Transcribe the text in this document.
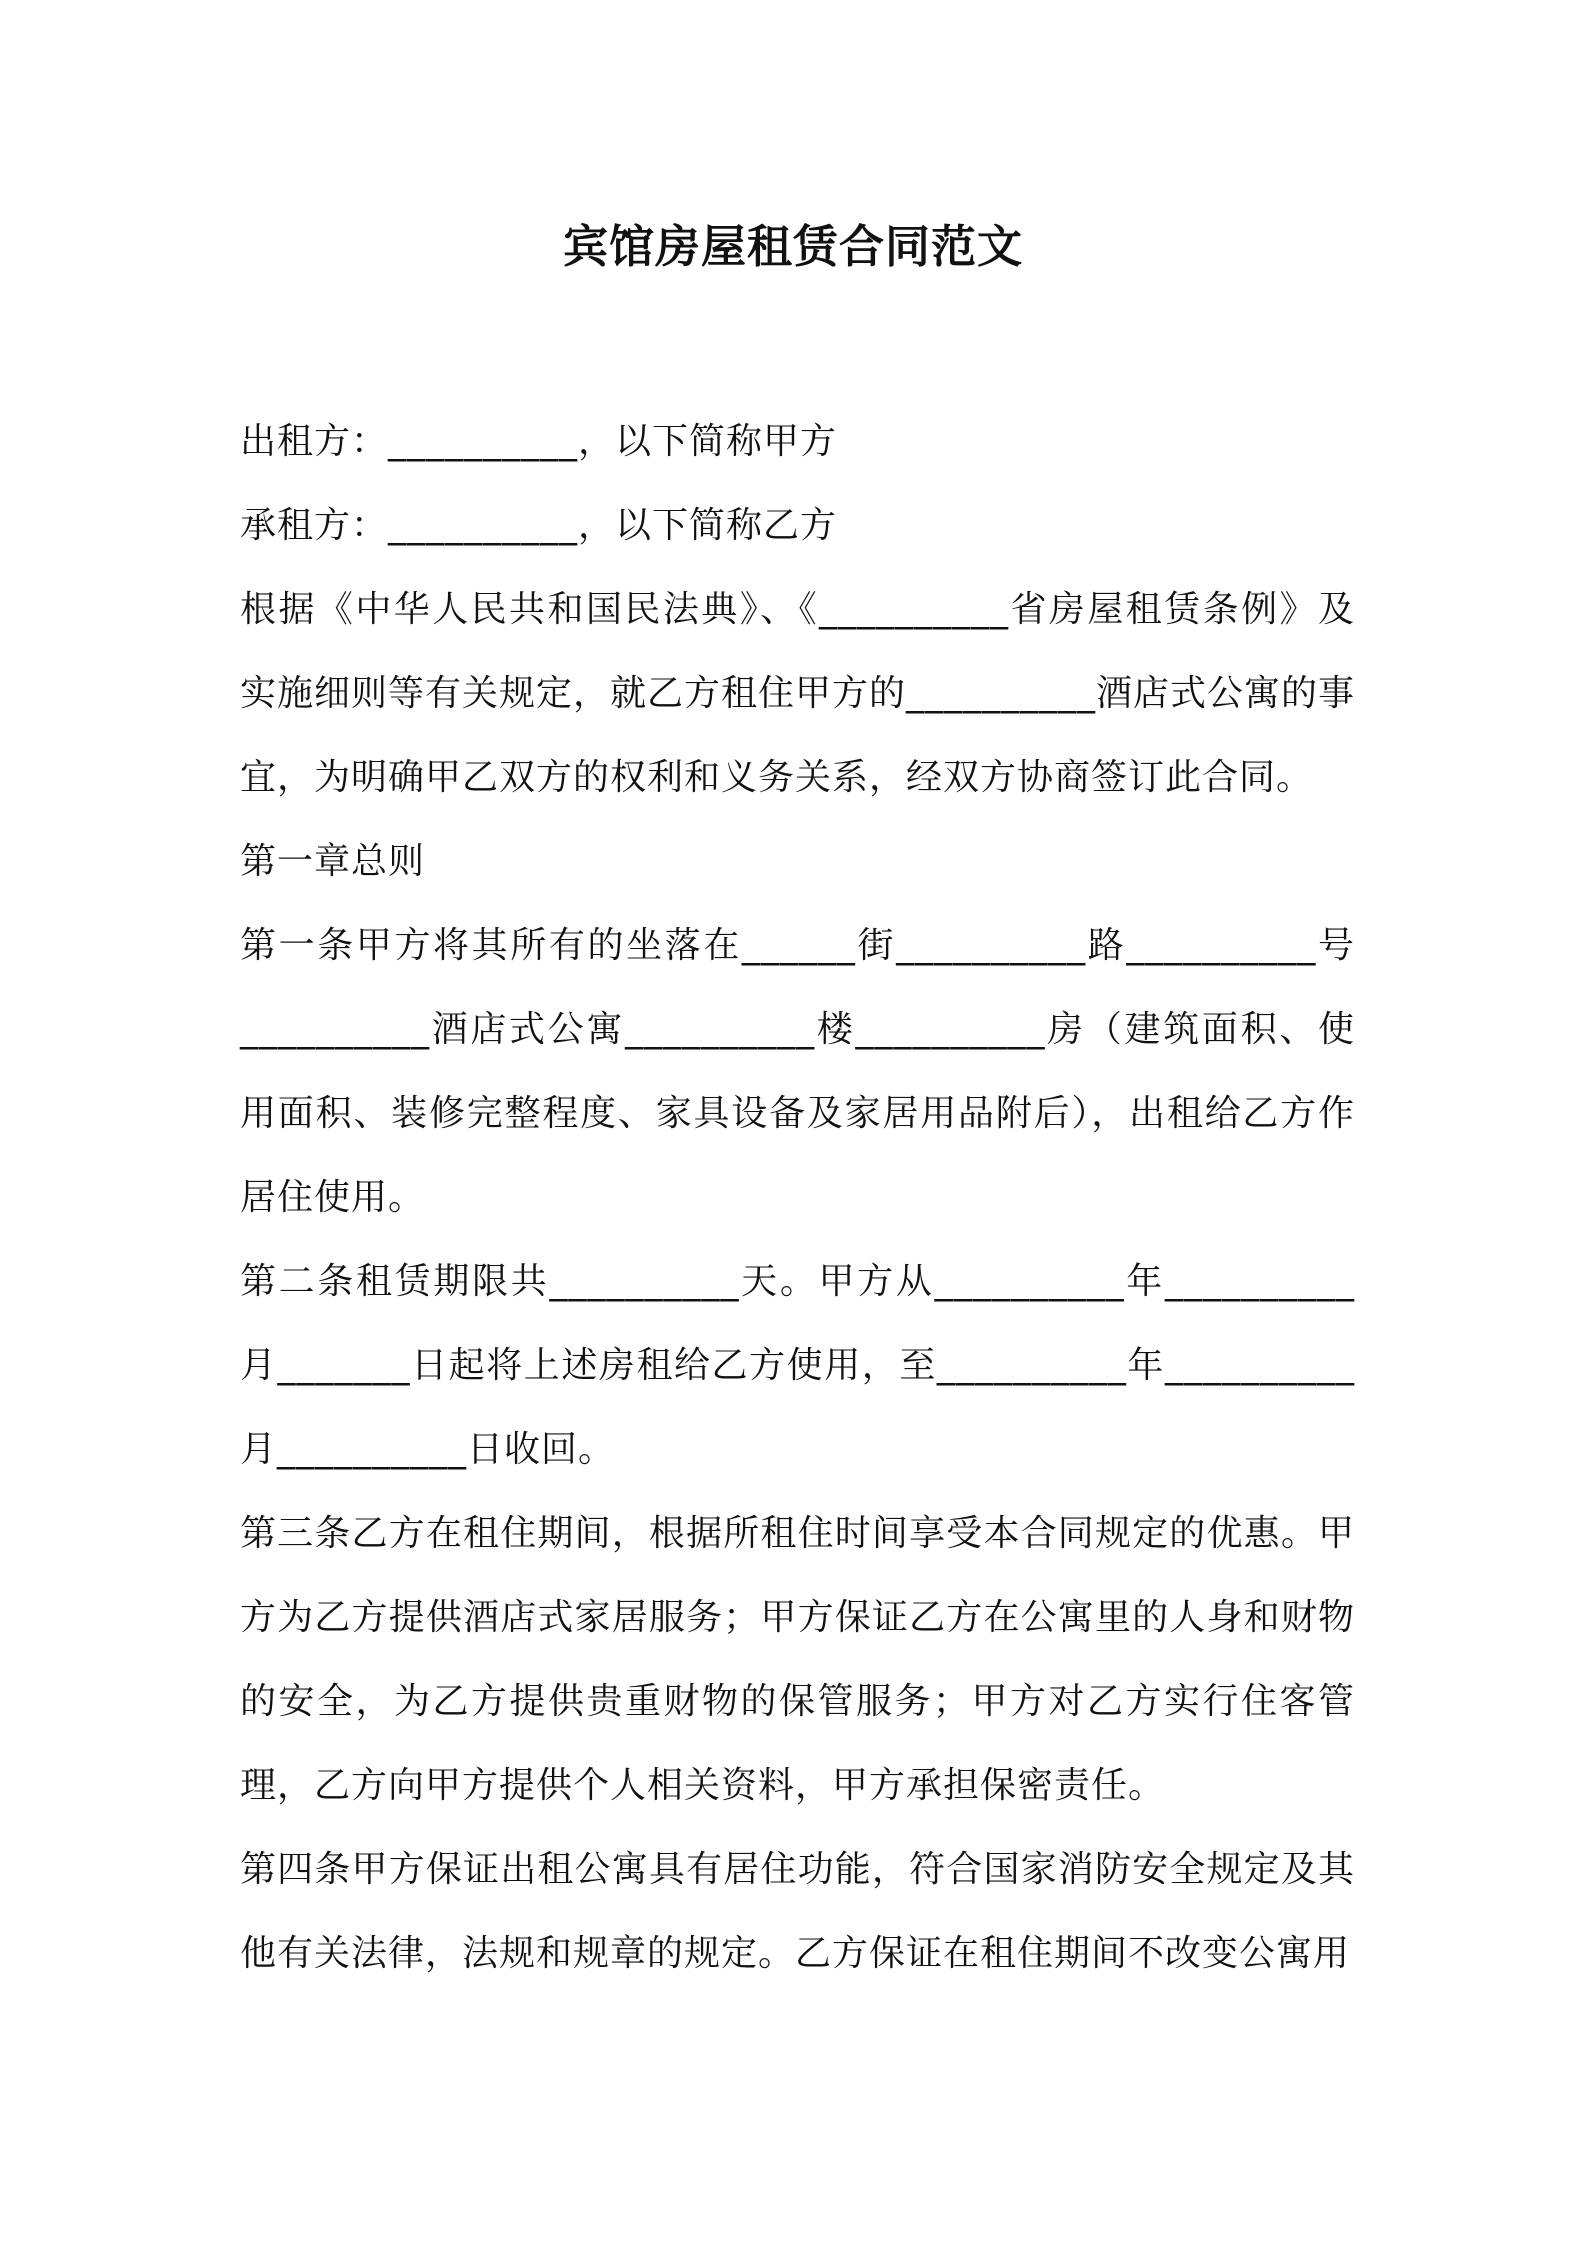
宾馆房屋租赁合同范文

出租方：__________，以下简称甲方

承租方：__________，以下简称乙方

根据《中华人民共和国民法典》、《__________省房屋租赁条例》及实施细则等有关规定，就乙方租住甲方的__________酒店式公寓的事宜，为明确甲乙双方的权利和义务关系，经双方协商签订此合同。

第一章总则

第一条甲方将其所有的坐落在______街__________路__________号__________酒店式公寓__________楼__________房（建筑面积、使用面积、装修完整程度、家具设备及家居用品附后），出租给乙方作居住使用。

第二条租赁期限共__________天。甲方从__________年__________月_______日起将上述房租给乙方使用，至__________年__________月__________日收回。

第三条乙方在租住期间，根据所租住时间享受本合同规定的优惠。甲方为乙方提供酒店式家居服务；甲方保证乙方在公寓里的人身和财物的安全，为乙方提供贵重财物的保管服务；甲方对乙方实行住客管理，乙方向甲方提供个人相关资料，甲方承担保密责任。

第四条甲方保证出租公寓具有居住功能，符合国家消防安全规定及其他有关法律，法规和规章的规定。乙方保证在租住期间不改变公寓用
